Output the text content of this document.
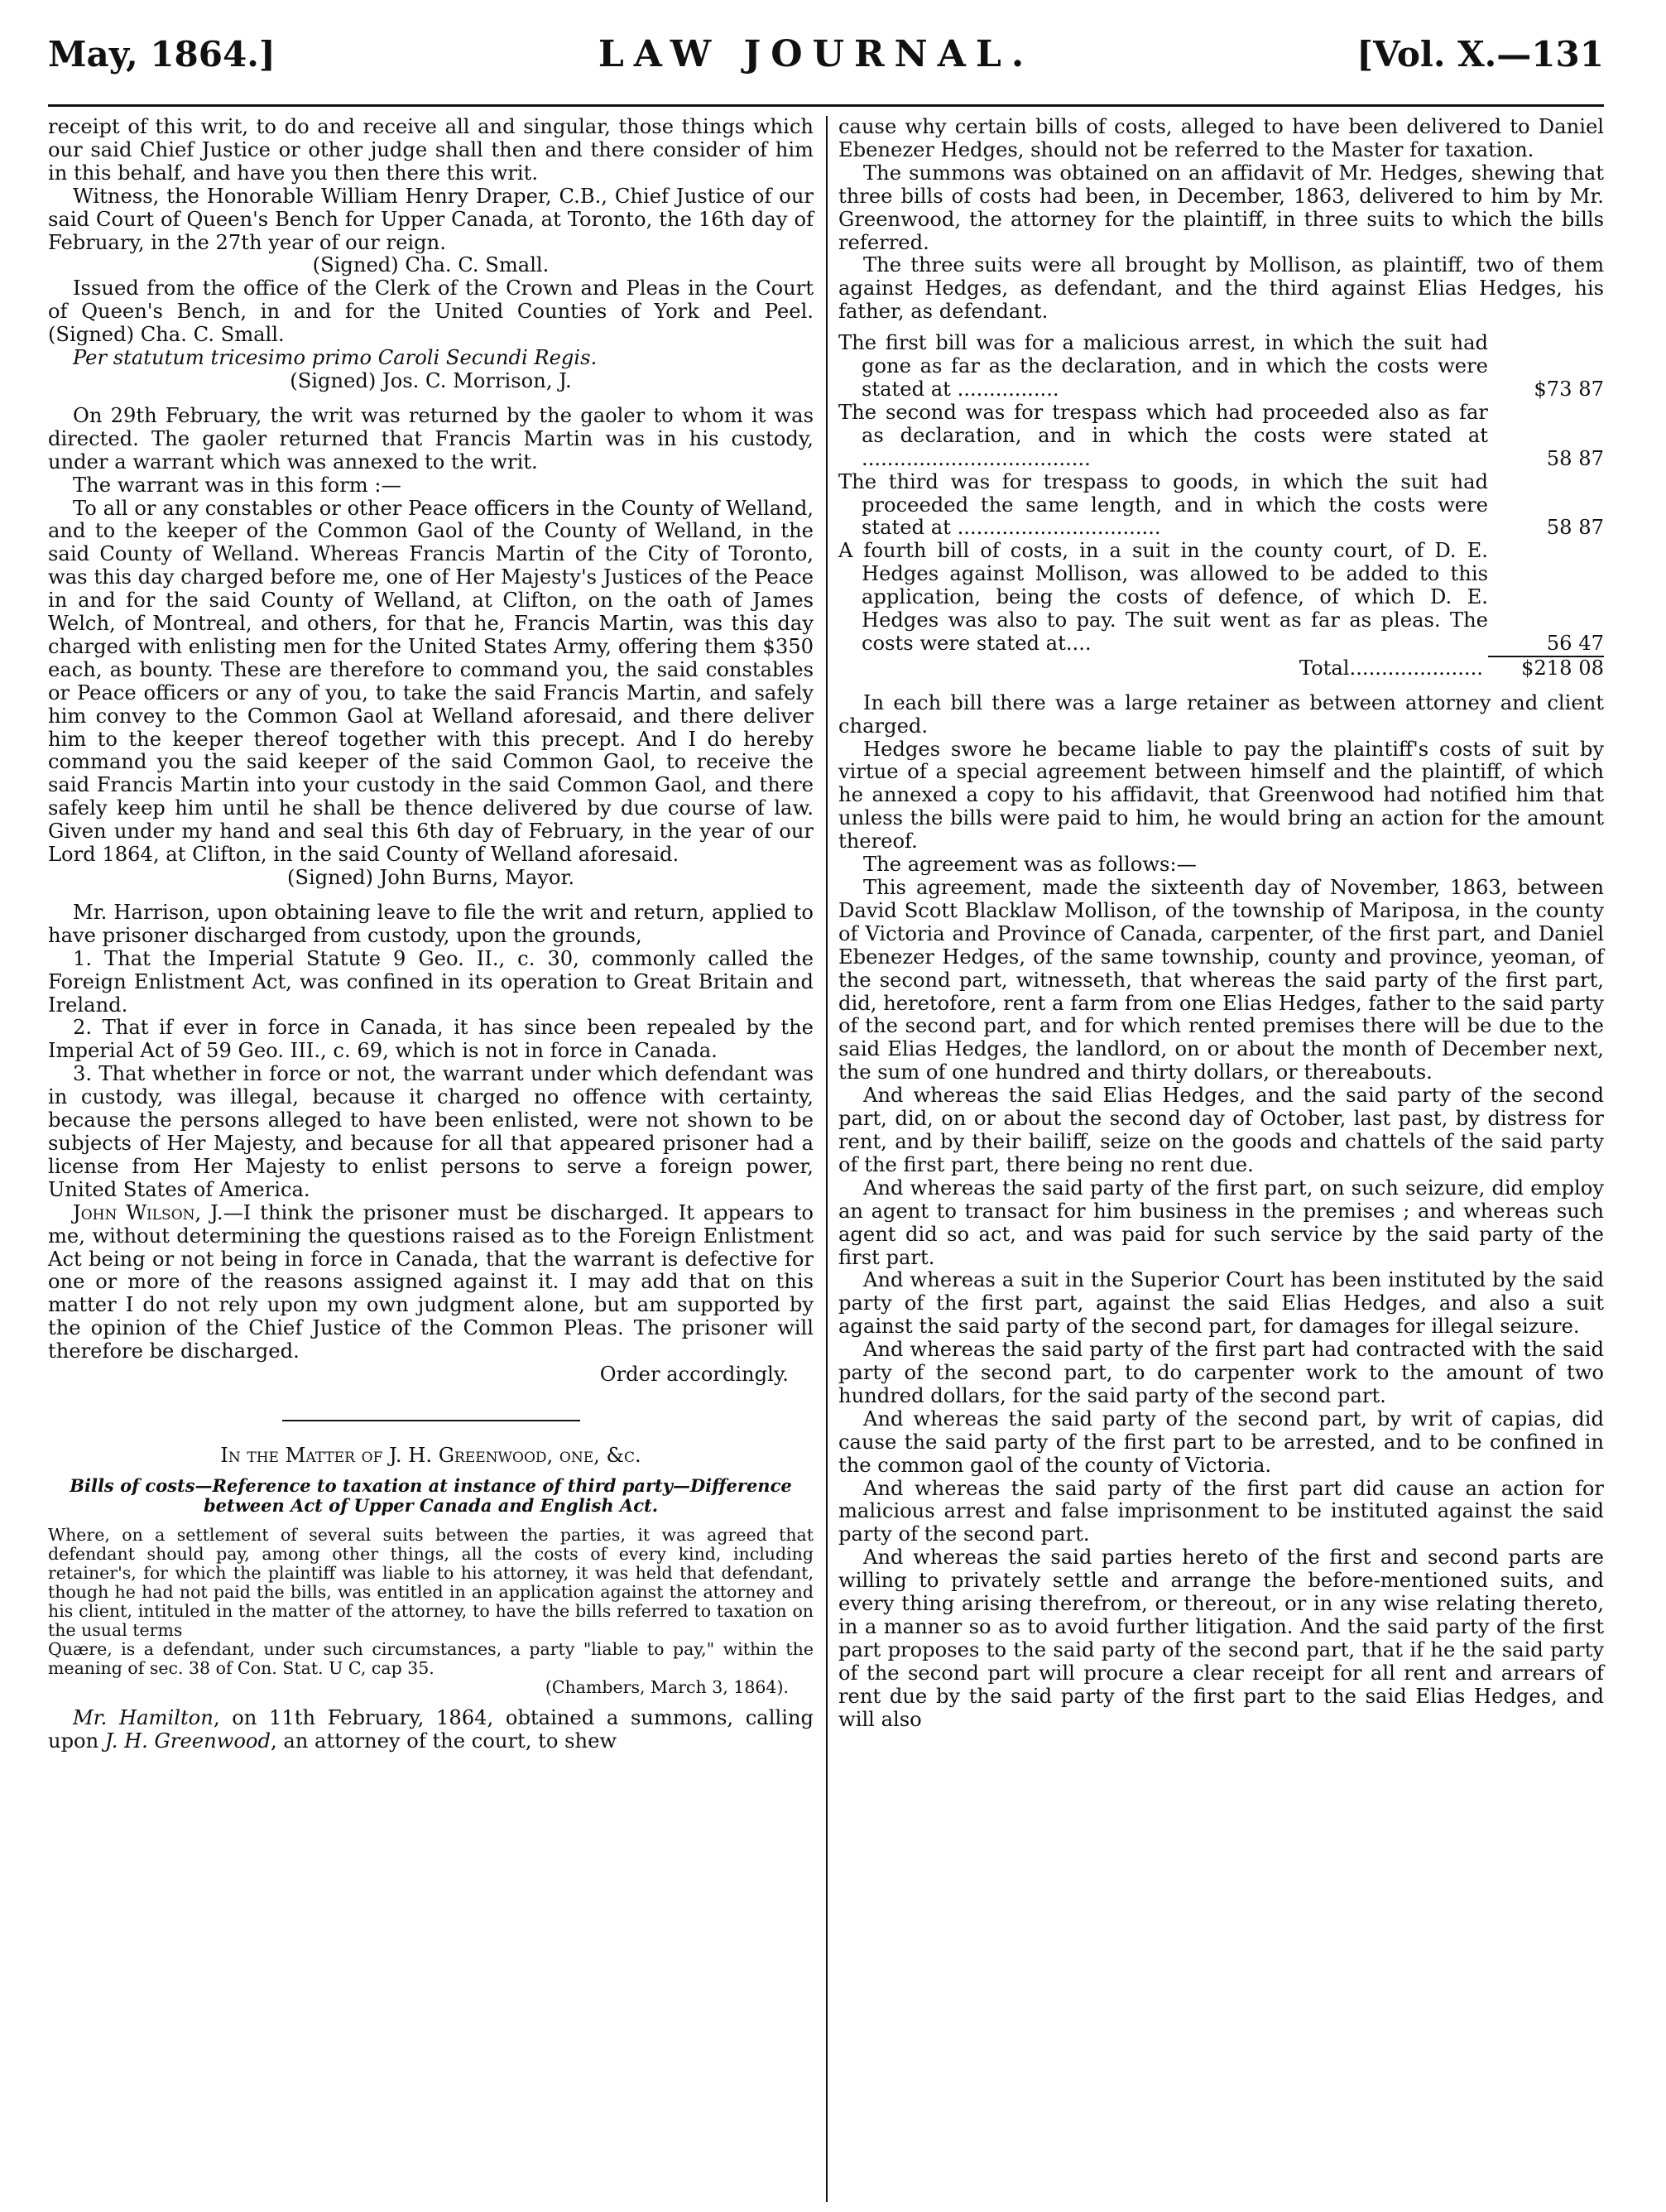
May, 1864.]	LAW JOURNAL.	[Vol. X.—131

receipt of this writ, to do and receive all and singular, those things which our said Chief Justice or other judge shall then and there consider of him in this behalf, and have you then there this writ.

Witness, the Honorable William Henry Draper, C.B., Chief Justice of our said Court of Queen's Bench for Upper Canada, at Toronto, the 16th day of February, in the 27th year of our reign.

(Signed) Cha. C. Small.

Issued from the office of the Clerk of the Crown and Pleas in the Court of Queen's Bench, in and for the United Counties of York and Peel. (Signed) Cha. C. Small.

Per statutum tricesimo primo Caroli Secundi Regis.

(Signed) Jos. C. Morrison, J.

On 29th February, the writ was returned by the gaoler to whom it was directed. The gaoler returned that Francis Martin was in his custody, under a warrant which was annexed to the writ.

The warrant was in this form :—

To all or any constables or other Peace officers in the County of Welland, and to the keeper of the Common Gaol of the County of Welland, in the said County of Welland. Whereas Francis Martin of the City of Toronto, was this day charged before me, one of Her Majesty's Justices of the Peace in and for the said County of Welland, at Clifton, on the oath of James Welch, of Montreal, and others, for that he, Francis Martin, was this day charged with enlisting men for the United States Army, offering them $350 each, as bounty. These are therefore to command you, the said constables or Peace officers or any of you, to take the said Francis Martin, and safely him convey to the Common Gaol at Welland aforesaid, and there deliver him to the keeper thereof together with this precept. And I do hereby command you the said keeper of the said Common Gaol, to receive the said Francis Martin into your custody in the said Common Gaol, and there safely keep him until he shall be thence delivered by due course of law. Given under my hand and seal this 6th day of February, in the year of our Lord 1864, at Clifton, in the said County of Welland aforesaid.

(Signed) John Burns, Mayor.

Mr. Harrison, upon obtaining leave to file the writ and return, applied to have prisoner discharged from custody, upon the grounds,

1. That the Imperial Statute 9 Geo. II., c. 30, commonly called the Foreign Enlistment Act, was confined in its operation to Great Britain and Ireland.

2. That if ever in force in Canada, it has since been repealed by the Imperial Act of 59 Geo. III., c. 69, which is not in force in Canada.

3. That whether in force or not, the warrant under which defendant was in custody, was illegal, because it charged no offence with certainty, because the persons alleged to have been enlisted, were not shown to be subjects of Her Majesty, and because for all that appeared prisoner had a license from Her Majesty to enlist persons to serve a foreign power, United States of America.

John Wilson, J.—I think the prisoner must be discharged. It appears to me, without determining the questions raised as to the Foreign Enlistment Act being or not being in force in Canada, that the warrant is defective for one or more of the reasons assigned against it. I may add that on this matter I do not rely upon my own judgment alone, but am supported by the opinion of the Chief Justice of the Common Pleas. The prisoner will therefore be discharged.

Order accordingly.

In the Matter of J. H. Greenwood, one, &c.

Bills of costs—Reference to taxation at instance of third party—Difference between Act of Upper Canada and English Act.

Where, on a settlement of several suits between the parties, it was agreed that defendant should pay, among other things, all the costs of every kind, including retainer's, for which the plaintiff was liable to his attorney, it was held that defendant, though he had not paid the bills, was entitled in an application against the attorney and his client, intituled in the matter of the attorney, to have the bills referred to taxation on the usual terms

Quære, is a defendant, under such circumstances, a party "liable to pay," within the meaning of sec. 38 of Con. Stat. U C, cap 35.

(Chambers, March 3, 1864).

Mr. Hamilton, on 11th February, 1864, obtained a summons, calling upon J. H. Greenwood, an attorney of the court, to shew

cause why certain bills of costs, alleged to have been delivered to Daniel Ebenezer Hedges, should not be referred to the Master for taxation.

The summons was obtained on an affidavit of Mr. Hedges, shewing that three bills of costs had been, in December, 1863, delivered to him by Mr. Greenwood, the attorney for the plaintiff, in three suits to which the bills referred.

The three suits were all brought by Mollison, as plaintiff, two of them against Hedges, as defendant, and the third against Elias Hedges, his father, as defendant.

The first bill was for a malicious arrest, in which the suit had gone as far as the declaration, and in which the costs were stated at ................	$73 87
The second was for trespass which had proceeded also as far as declaration, and in which the costs were stated at ....................................	58 87
The third was for trespass to goods, in which the suit had proceeded the same length, and in which the costs were stated at ................................	58 87
A fourth bill of costs, in a suit in the county court, of D. E. Hedges against Mollison, was allowed to be added to this application, being the costs of defence, of which D. E. Hedges was also to pay. The suit went as far as pleas. The costs were stated at....	56 47

Total.....................	$218 08

In each bill there was a large retainer as between attorney and client charged.

Hedges swore he became liable to pay the plaintiff's costs of suit by virtue of a special agreement between himself and the plaintiff, of which he annexed a copy to his affidavit, that Greenwood had notified him that unless the bills were paid to him, he would bring an action for the amount thereof.

The agreement was as follows:—

This agreement, made the sixteenth day of November, 1863, between David Scott Blacklaw Mollison, of the township of Mariposa, in the county of Victoria and Province of Canada, carpenter, of the first part, and Daniel Ebenezer Hedges, of the same township, county and province, yeoman, of the second part, witnesseth, that whereas the said party of the first part, did, heretofore, rent a farm from one Elias Hedges, father to the said party of the second part, and for which rented premises there will be due to the said Elias Hedges, the landlord, on or about the month of December next, the sum of one hundred and thirty dollars, or thereabouts.

And whereas the said Elias Hedges, and the said party of the second part, did, on or about the second day of October, last past, by distress for rent, and by their bailiff, seize on the goods and chattels of the said party of the first part, there being no rent due.

And whereas the said party of the first part, on such seizure, did employ an agent to transact for him business in the premises ; and whereas such agent did so act, and was paid for such service by the said party of the first part.

And whereas a suit in the Superior Court has been instituted by the said party of the first part, against the said Elias Hedges, and also a suit against the said party of the second part, for damages for illegal seizure.

And whereas the said party of the first part had contracted with the said party of the second part, to do carpenter work to the amount of two hundred dollars, for the said party of the second part.

And whereas the said party of the second part, by writ of capias, did cause the said party of the first part to be arrested, and to be confined in the common gaol of the county of Victoria.

And whereas the said party of the first part did cause an action for malicious arrest and false imprisonment to be instituted against the said party of the second part.

And whereas the said parties hereto of the first and second parts are willing to privately settle and arrange the before-mentioned suits, and every thing arising therefrom, or thereout, or in any wise relating thereto, in a manner so as to avoid further litigation. And the said party of the first part proposes to the said party of the second part, that if he the said party of the second part will procure a clear receipt for all rent and arrears of rent due by the said party of the first part to the said Elias Hedges, and will also
